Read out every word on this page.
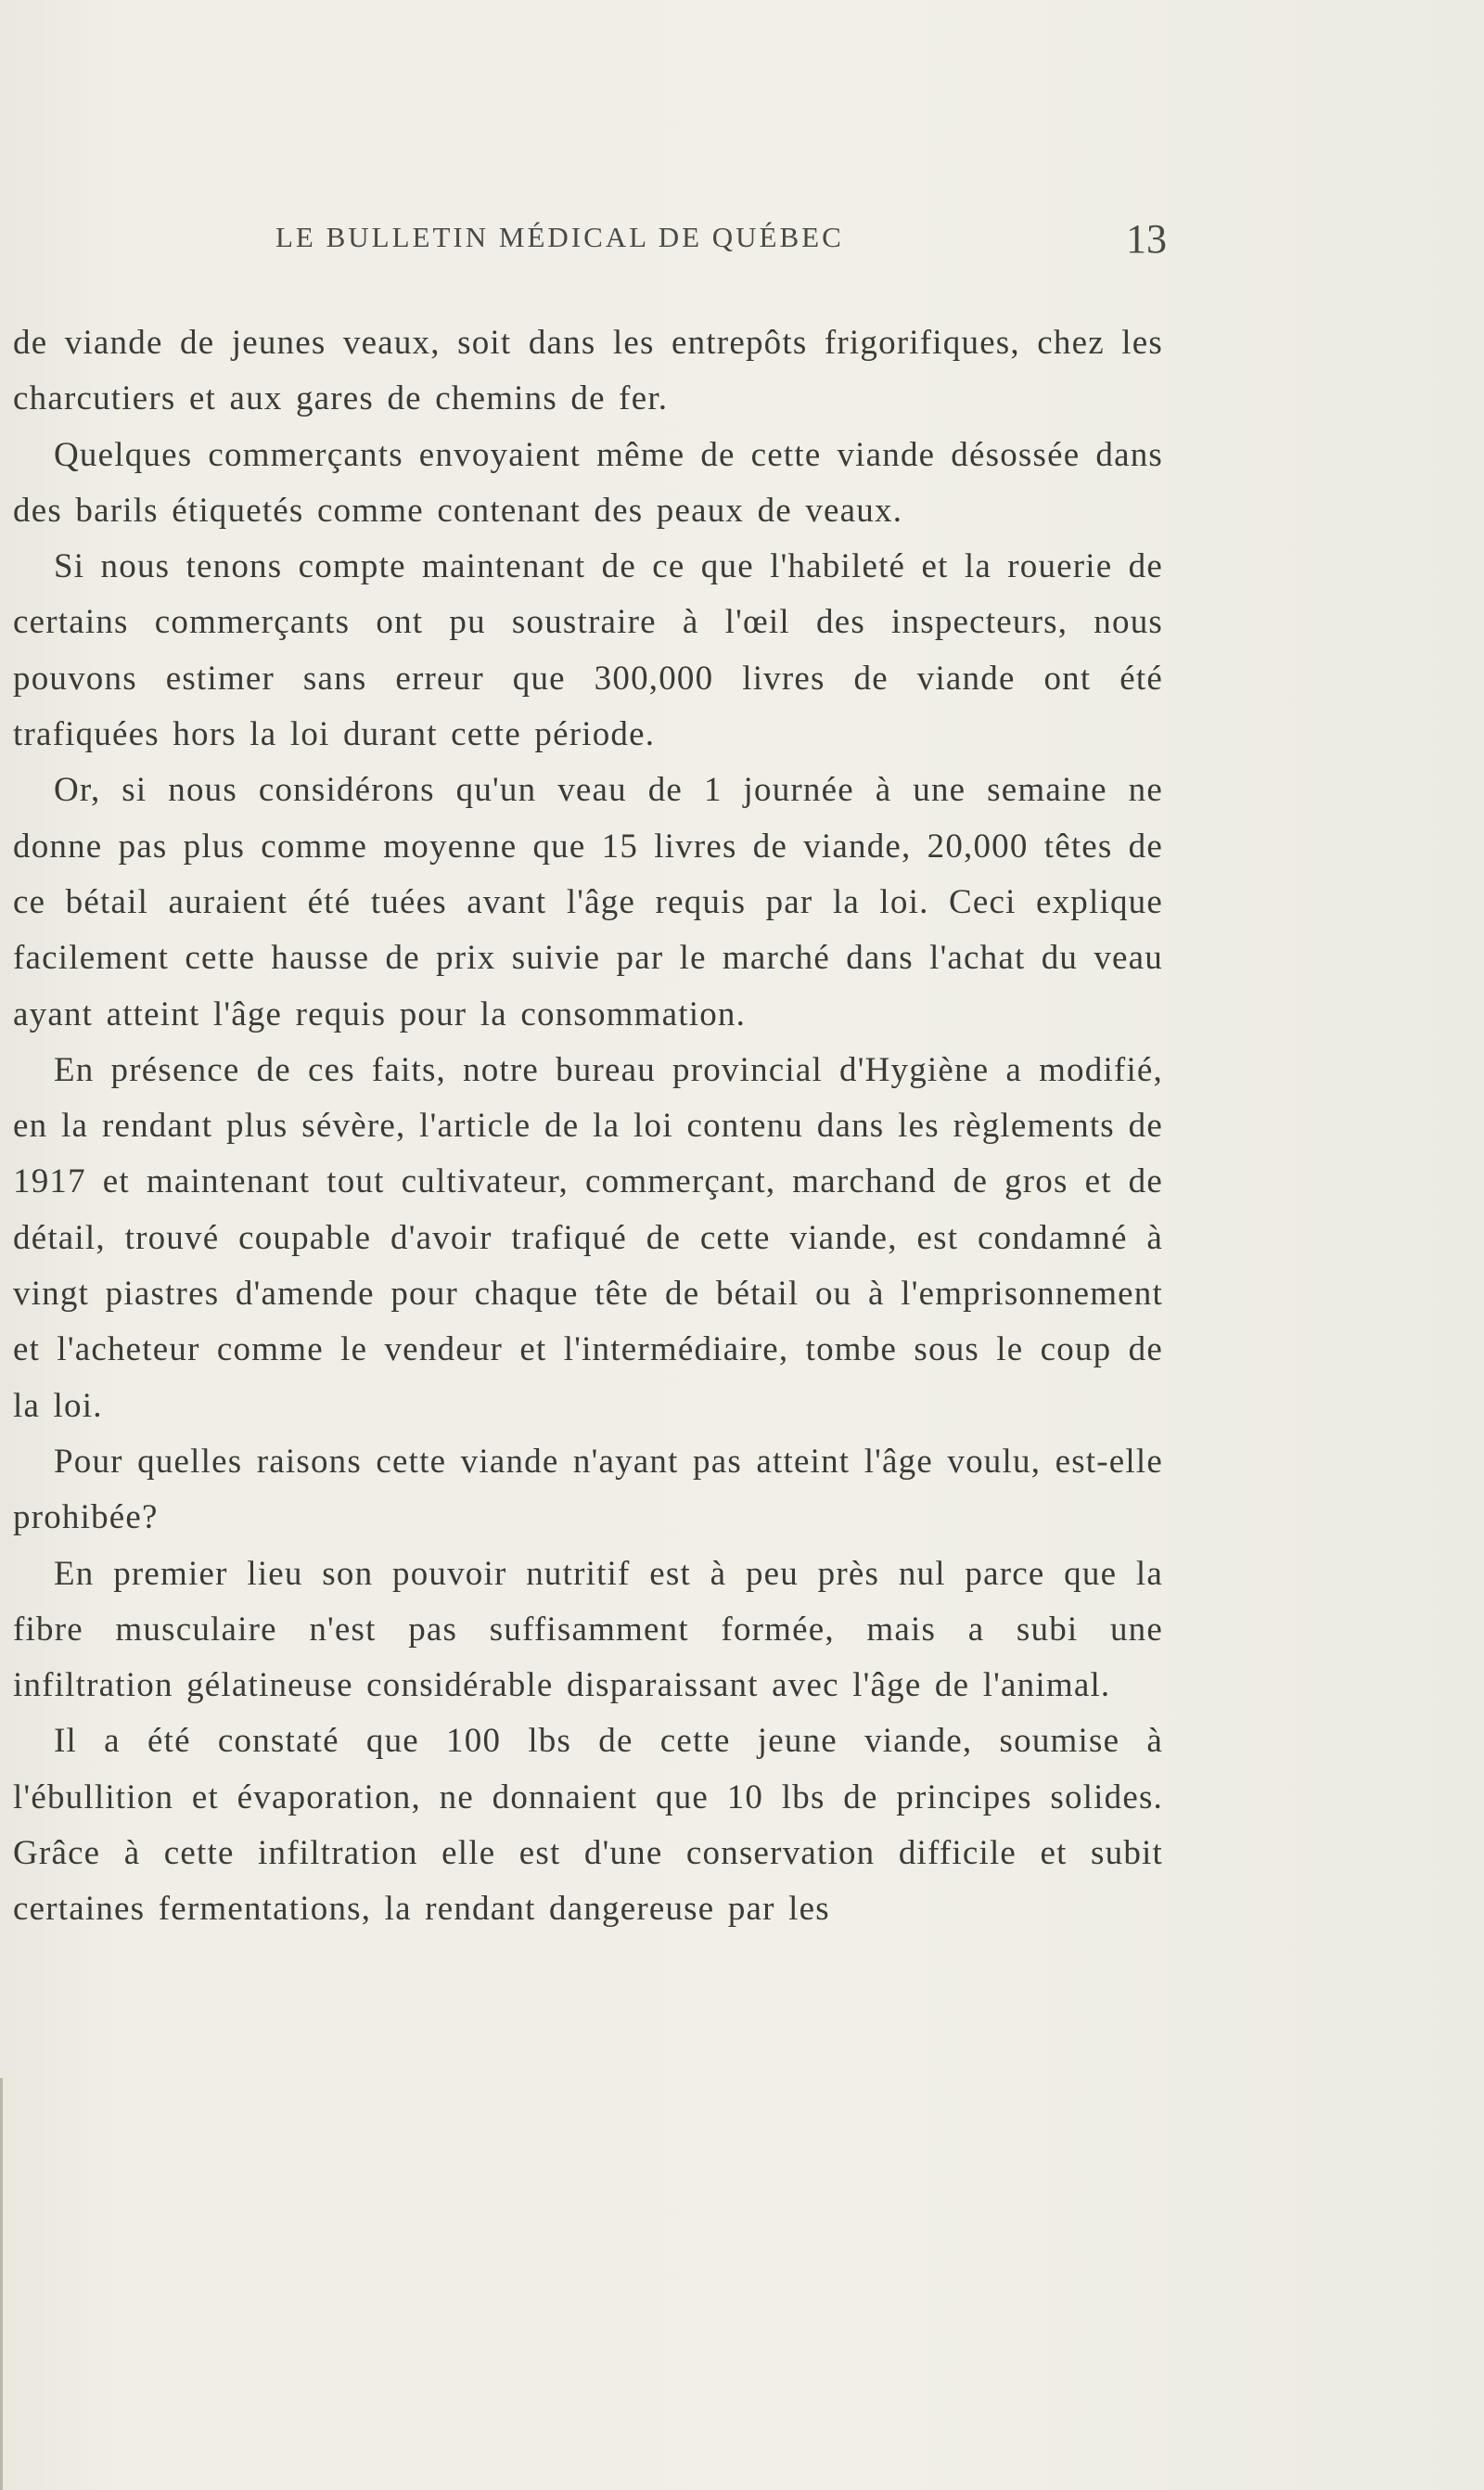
LE BULLETIN MÉDICAL DE QUÉBEC	13

de viande de jeunes veaux, soit dans les entrepôts frigorifiques, chez les charcutiers et aux gares de chemins de fer.

Quelques commerçants envoyaient même de cette viande désossée dans des barils étiquetés comme contenant des peaux de veaux.

Si nous tenons compte maintenant de ce que l'habileté et la rouerie de certains commerçants ont pu soustraire à l'œil des inspecteurs, nous pouvons estimer sans erreur que 300,000 livres de viande ont été trafiquées hors la loi durant cette période.

Or, si nous considérons qu'un veau de 1 journée à une semaine ne donne pas plus comme moyenne que 15 livres de viande, 20,000 têtes de ce bétail auraient été tuées avant l'âge requis par la loi. Ceci explique facilement cette hausse de prix suivie par le marché dans l'achat du veau ayant atteint l'âge requis pour la consommation.

En présence de ces faits, notre bureau provincial d'Hygiène a modifié, en la rendant plus sévère, l'article de la loi contenu dans les règlements de 1917 et maintenant tout cultivateur, commerçant, marchand de gros et de détail, trouvé coupable d'avoir trafiqué de cette viande, est condamné à vingt piastres d'amende pour chaque tête de bétail ou à l'emprisonnement et l'acheteur comme le vendeur et l'intermédiaire, tombe sous le coup de la loi.

Pour quelles raisons cette viande n'ayant pas atteint l'âge voulu, est-elle prohibée?

En premier lieu son pouvoir nutritif est à peu près nul parce que la fibre musculaire n'est pas suffisamment formée, mais a subi une infiltration gélatineuse considérable disparaissant avec l'âge de l'animal.

Il a été constaté que 100 lbs de cette jeune viande, soumise à l'ébullition et évaporation, ne donnaient que 10 lbs de principes solides. Grâce à cette infiltration elle est d'une conservation difficile et subit certaines fermentations, la rendant dangereuse par les
